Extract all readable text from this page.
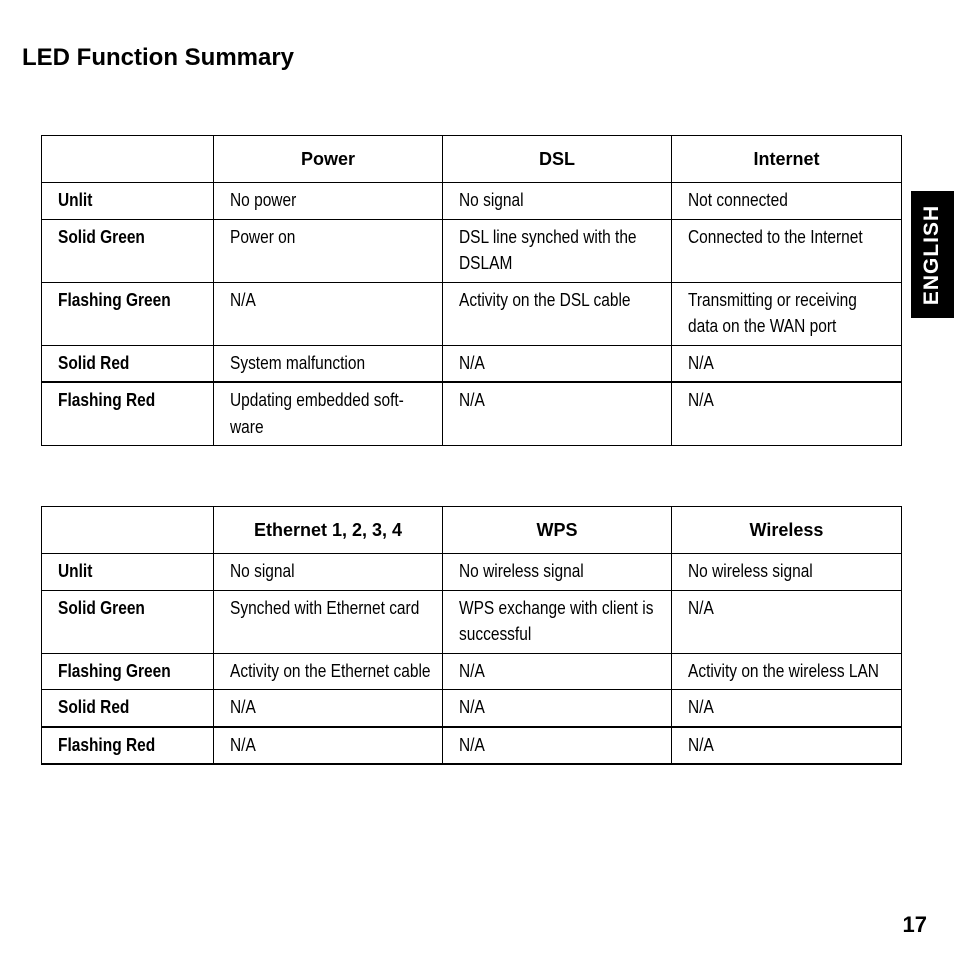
LED Function Summary
ENGLISH
	Power	DSL	Internet
Unlit	No power	No signal	Not connected
Solid Green	Power on	DSL line synched with the DSLAM	Connected to the Internet
Flashing Green	N/A	Activity on the DSL cable	Transmitting or receiving data on the WAN port
Solid Red	System malfunction	N/A	N/A
Flashing Red	Updating embedded soft-ware	N/A	N/A
	Ethernet 1, 2, 3, 4	WPS	Wireless
Unlit	No signal	No wireless signal	No wireless signal
Solid Green	Synched with Ethernet card	WPS exchange with client is successful	N/A
Flashing Green	Activity on the Ethernet cable	N/A	Activity on the wireless LAN
Solid Red	N/A	N/A	N/A
Flashing Red	N/A	N/A	N/A
17
